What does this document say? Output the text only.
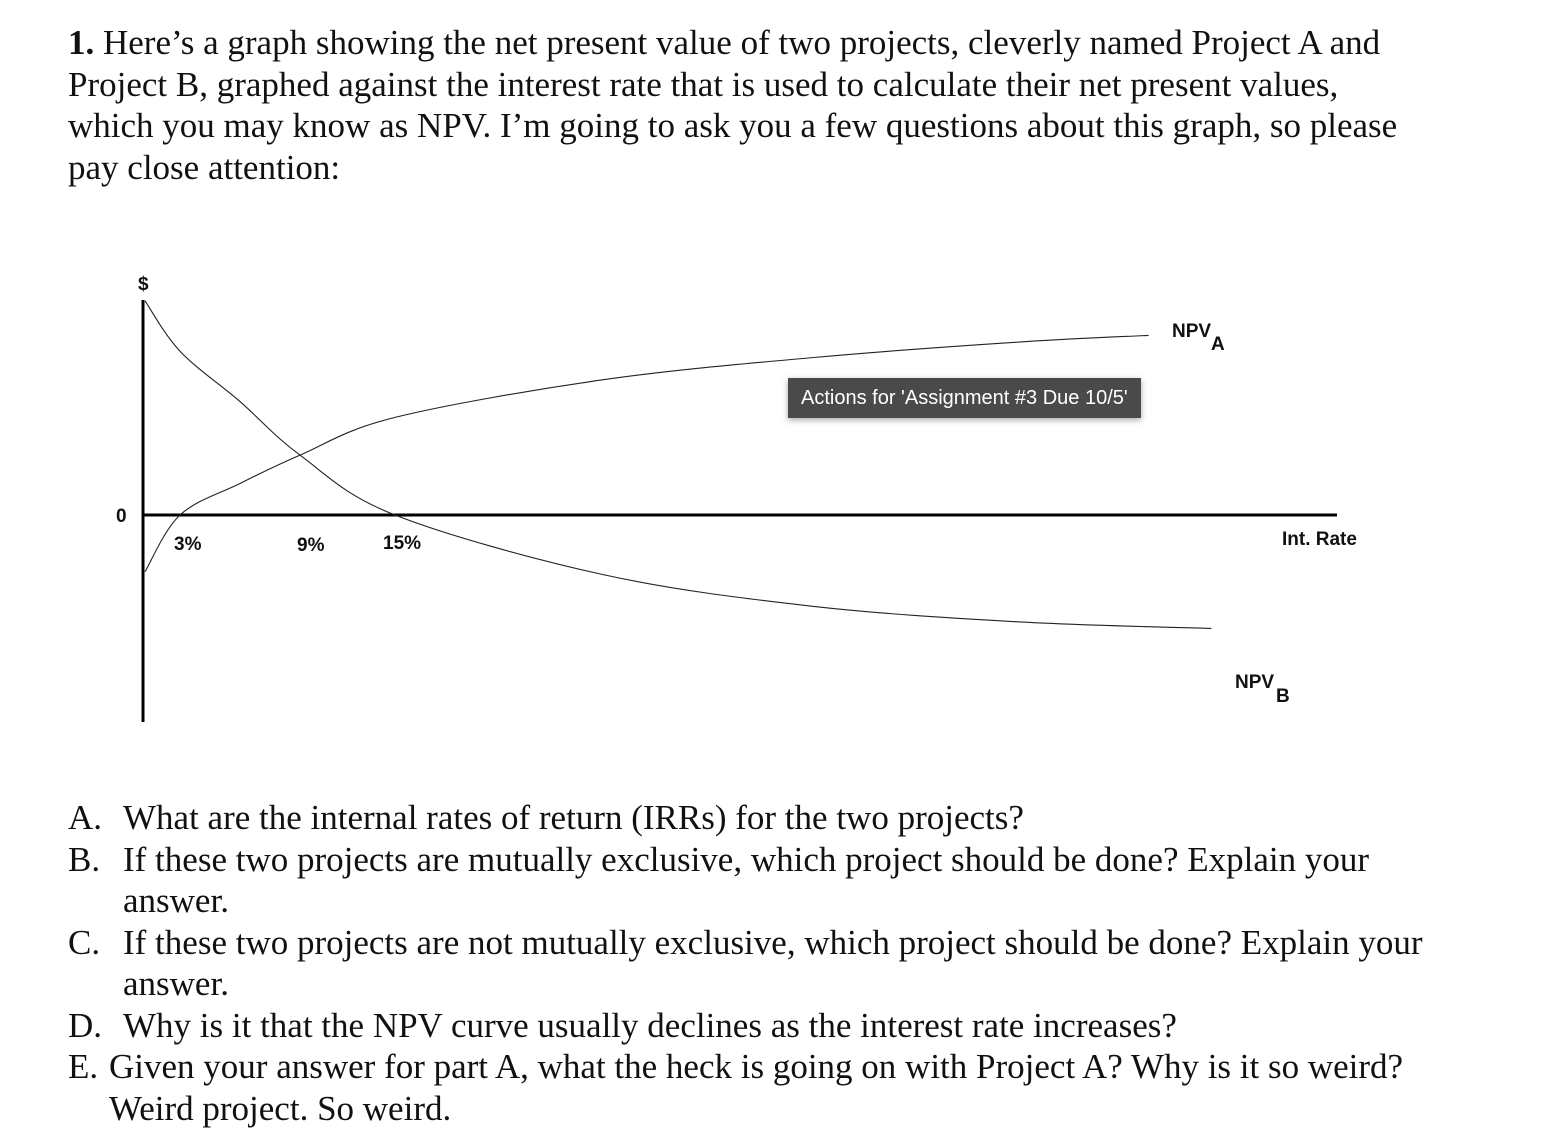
1. Here’s a graph showing the net present value of two projects, cleverly named Project A and Project B, graphed against the interest rate that is used to calculate their net present values, which you may know as NPV. I’m going to ask you a few questions about this graph, so please pay close attention:
$
0
Int. Rate
3%	9%	15%
NPV
A
NPV
B
Actions for 'Assignment #3 Due 10/5'
A. What are the internal rates of return (IRRs) for the two projects?
B. If these two projects are mutually exclusive, which project should be done? Explain your answer.
C. If these two projects are not mutually exclusive, which project should be done? Explain your answer.
D. Why is it that the NPV curve usually declines as the interest rate increases?
E. Given your answer for part A, what the heck is going on with Project A? Why is it so weird? Weird project. So weird.
